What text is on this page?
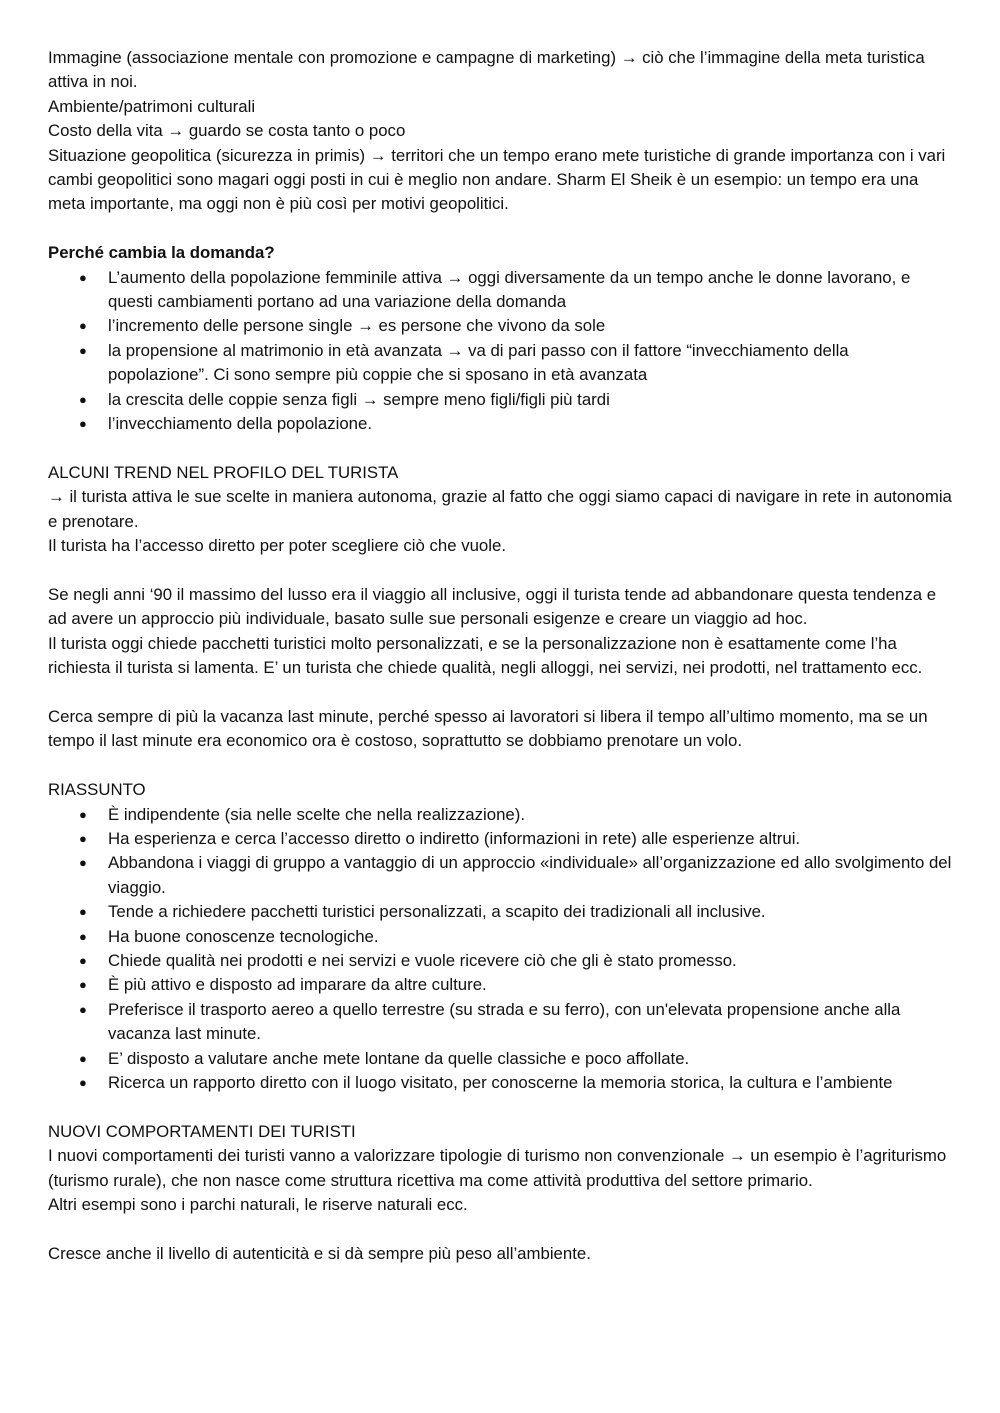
Immagine (associazione mentale con promozione e campagne di marketing) → ciò che l’immagine della meta turistica attiva in noi.

Ambiente/patrimoni culturali

Costo della vita → guardo se costa tanto o poco

Situazione geopolitica (sicurezza in primis) → territori che un tempo erano mete turistiche di grande importanza con i vari cambi geopolitici sono magari oggi posti in cui è meglio non andare. Sharm El Sheik è un esempio: un tempo era una meta importante, ma oggi non è più così per motivi geopolitici.

Perché cambia la domanda?

● L’aumento della popolazione femminile attiva → oggi diversamente da un tempo anche le donne lavorano, e questi cambiamenti portano ad una variazione della domanda
● l’incremento delle persone single → es persone che vivono da sole
● la propensione al matrimonio in età avanzata → va di pari passo con il fattore “invecchiamento della popolazione”. Ci sono sempre più coppie che si sposano in età avanzata
● la crescita delle coppie senza figli → sempre meno figli/figli più tardi
● l’invecchiamento della popolazione.

ALCUNI TREND NEL PROFILO DEL TURISTA

→ il turista attiva le sue scelte in maniera autonoma, grazie al fatto che oggi siamo capaci di navigare in rete in autonomia e prenotare.

Il turista ha l’accesso diretto per poter scegliere ciò che vuole.

Se negli anni ‘90 il massimo del lusso era il viaggio all inclusive, oggi il turista tende ad abbandonare questa tendenza e ad avere un approccio più individuale, basato sulle sue personali esigenze e creare un viaggio ad hoc.

Il turista oggi chiede pacchetti turistici molto personalizzati, e se la personalizzazione non è esattamente come l’ha richiesta il turista si lamenta. E’ un turista che chiede qualità, negli alloggi, nei servizi, nei prodotti, nel trattamento ecc.

Cerca sempre di più la vacanza last minute, perché spesso ai lavoratori si libera il tempo all’ultimo momento, ma se un tempo il last minute era economico ora è costoso, soprattutto se dobbiamo prenotare un volo.

RIASSUNTO

● È indipendente (sia nelle scelte che nella realizzazione).
● Ha esperienza e cerca l’accesso diretto o indiretto (informazioni in rete) alle esperienze altrui.
● Abbandona i viaggi di gruppo a vantaggio di un approccio «individuale» all’organizzazione ed allo svolgimento del viaggio.
● Tende a richiedere pacchetti turistici personalizzati, a scapito dei tradizionali all inclusive.
● Ha buone conoscenze tecnologiche.
● Chiede qualità nei prodotti e nei servizi e vuole ricevere ciò che gli è stato promesso.
● È più attivo e disposto ad imparare da altre culture.
● Preferisce il trasporto aereo a quello terrestre (su strada e su ferro), con un'elevata propensione anche alla vacanza last minute.
● E’ disposto a valutare anche mete lontane da quelle classiche e poco affollate.
● Ricerca un rapporto diretto con il luogo visitato, per conoscerne la memoria storica, la cultura e l’ambiente

NUOVI COMPORTAMENTI DEI TURISTI

I nuovi comportamenti dei turisti vanno a valorizzare tipologie di turismo non convenzionale → un esempio è l’agriturismo (turismo rurale), che non nasce come struttura ricettiva ma come attività produttiva del settore primario.

Altri esempi sono i parchi naturali, le riserve naturali ecc.

Cresce anche il livello di autenticità e si dà sempre più peso all’ambiente.
